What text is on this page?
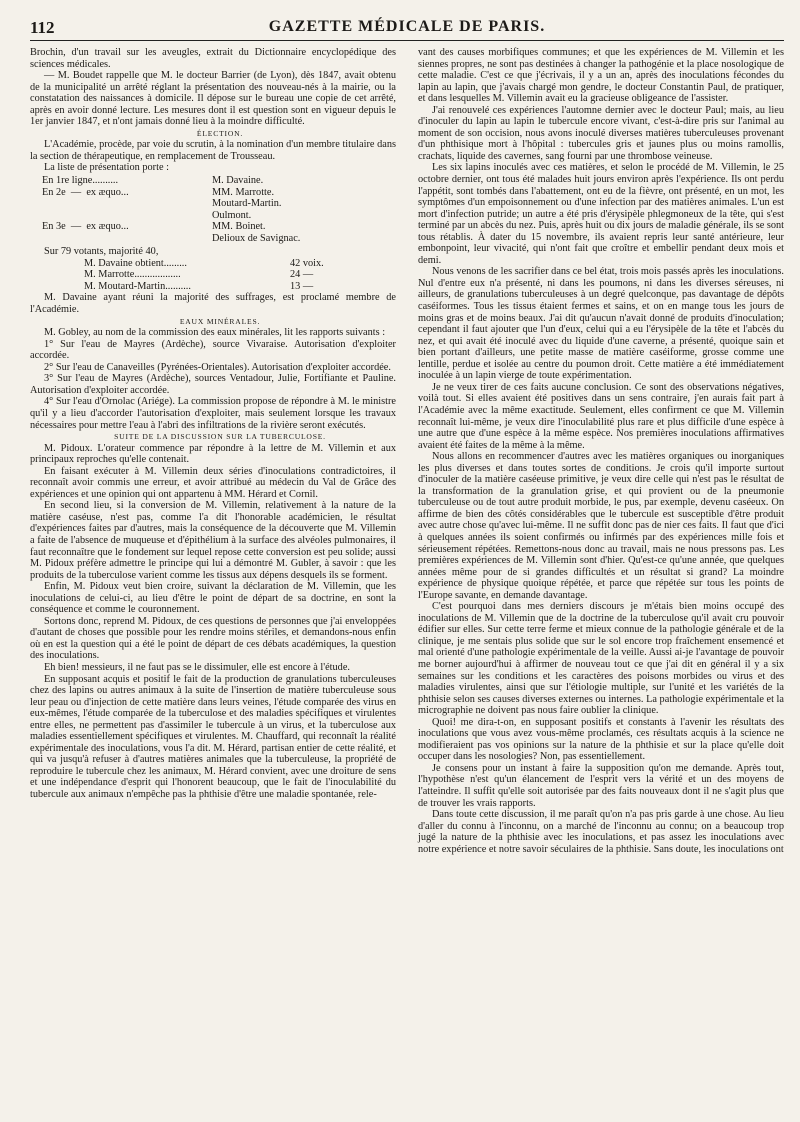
112	GAZETTE MÉDICALE DE PARIS.

Brochin, d'un travail sur les aveugles, extrait du Dictionnaire encyclopédique des sciences médicales.

— M. Boudet rappelle que M. le docteur Barrier (de Lyon), dès 1847, avait obtenu de la municipalité un arrêté réglant la présentation des nouveau-nés à la mairie, ou la constatation des naissances à domicile. Il dépose sur le bureau une copie de cet arrêté, après en avoir donné lecture. Les mesures dont il est question sont en vigueur depuis le 1er janvier 1847, et n'ont jamais donné lieu à la moindre difficulté.

ÉLECTION.

L'Académie, procède, par voie du scrutin, à la nomination d'un membre titulaire dans la section de thérapeutique, en remplacement de Trousseau.

La liste de présentation porte :

En 1re ligne..........	M. Davaine.
En 2e  —  ex æquo...	MM. Marrotte.
Moutard-Martin.
Oulmont.
En 3e  —  ex æquo...	MM. Boinet.
Delioux de Savignac.

Sur 79 votants, majorité 40,

M. Davaine obtient.........	42 voix.
M. Marrotte..................	24 —
M. Moutard-Martin..........	13 —

M. Davaine ayant réuni la majorité des suffrages, est proclamé membre de l'Académie.

EAUX MINÉRALES.

M. Gobley, au nom de la commission des eaux minérales, lit les rapports suivants :

1° Sur l'eau de Mayres (Ardèche), source Vivaraise. Autorisation d'exploiter accordée.

2° Sur l'eau de Canaveilles (Pyrénées-Orientales). Autorisation d'exploiter accordée.

3° Sur l'eau de Mayres (Ardèche), sources Ventadour, Julie, Fortifiante et Pauline. Autorisation d'exploiter accordée.

4° Sur l'eau d'Ornolac (Ariége). La commission propose de répondre à M. le ministre qu'il y a lieu d'accorder l'autorisation d'exploiter, mais seulement lorsque les travaux nécessaires pour mettre l'eau à l'abri des infiltrations de la rivière seront exécutés.

SUITE DE LA DISCUSSION SUR LA TUBERCULOSE.

M. Pidoux. L'orateur commence par répondre à la lettre de M. Villemin et aux principaux reproches qu'elle contenait.

En faisant exécuter à M. Villemin deux séries d'inoculations contradictoires, il reconnaît avoir commis une erreur, et avoir attribué au médecin du Val de Grâce des expériences et une opinion qui ont appartenu à MM. Hérard et Cornil.

En second lieu, si la conversion de M. Villemin, relativement à la nature de la matière caséuse, n'est pas, comme l'a dit l'honorable académicien, le résultat d'expériences faites par d'autres, mais la conséquence de la découverte que M. Villemin a faite de l'absence de muqueuse et d'épithélium à la surface des alvéoles pulmonaires, il faut reconnaître que le fondement sur lequel repose cette conversion est peu solide; aussi M. Pidoux préfère admettre le principe qui lui a démontré M. Gubler, à savoir : que les produits de la tuberculose varient comme les tissus aux dépens desquels ils se forment.

Enfin, M. Pidoux veut bien croire, suivant la déclaration de M. Villemin, que les inoculations de celui-ci, au lieu d'être le point de départ de sa doctrine, en sont la conséquence et comme le couronnement.

Sortons donc, reprend M. Pidoux, de ces questions de personnes que j'ai enveloppées d'autant de choses que possible pour les rendre moins stériles, et demandons-nous enfin où en est la question qui a été le point de départ de ces débats académiques, la question des inoculations.

Eh bien! messieurs, il ne faut pas se le dissimuler, elle est encore à l'étude.

En supposant acquis et positif le fait de la production de granulations tuberculeuses chez des lapins ou autres animaux à la suite de l'insertion de matière tuberculeuse sous leur peau ou d'injection de cette matière dans leurs veines, l'étude comparée des virus en eux-mêmes, l'étude comparée de la tuberculose et des maladies spécifiques et virulentes entre elles, ne permettent pas d'assimiler le tubercule à un virus, et la tuberculose aux maladies essentiellement spécifiques et virulentes. M. Chauffard, qui reconnaît la réalité expérimentale des inoculations, vous l'a dit. M. Hérard, partisan entier de cette réalité, et qui va jusqu'à refuser à d'autres matières animales que la tuberculeuse, la propriété de reproduire le tubercule chez les animaux, M. Hérard convient, avec une droiture de sens et une indépendance d'esprit qui l'honorent beaucoup, que le fait de l'inoculabilité du tubercule aux animaux n'empêche pas la phthisie d'être une maladie spontanée, rele-

vant des causes morbifiques communes; et que les expériences de M. Villemin et les siennes propres, ne sont pas destinées à changer la pathogénie et la place nosologique de cette maladie. C'est ce que j'écrivais, il y a un an, après des inoculations fécondes du lapin au lapin, que j'avais chargé mon gendre, le docteur Constantin Paul, de pratiquer, et dans lesquelles M. Villemin avait eu la gracieuse obligeance de l'assister.

J'ai renouvelé ces expériences l'automne dernier avec le docteur Paul; mais, au lieu d'inoculer du lapin au lapin le tubercule encore vivant, c'est-à-dire pris sur l'animal au moment de son occision, nous avons inoculé diverses matières tuberculeuses provenant d'un phthisique mort à l'hôpital : tubercules gris et jaunes plus ou moins ramollis, crachats, liquide des cavernes, sang fourni par une thrombose veineuse.

Les six lapins inoculés avec ces matières, et selon le procédé de M. Villemin, le 25 octobre dernier, ont tous été malades huit jours environ après l'expérience. Ils ont perdu l'appétit, sont tombés dans l'abattement, ont eu de la fièvre, ont présenté, en un mot, les symptômes d'un empoisonnement ou d'une infection par des matières animales. L'un est mort d'infection putride; un autre a été pris d'érysipèle phlegmoneux de la tête, qui s'est terminé par un abcès du nez. Puis, après huit ou dix jours de maladie générale, ils se sont tous rétablis. À dater du 15 novembre, ils avaient repris leur santé antérieure, leur embonpoint, leur vivacité, qui n'ont fait que croître et embellir pendant deux mois et demi.

Nous venons de les sacrifier dans ce bel état, trois mois passés après les inoculations. Nul d'entre eux n'a présenté, ni dans les poumons, ni dans les diverses séreuses, ni ailleurs, de granulations tuberculeuses à un degré quelconque, pas davantage de dépôts caséiformes. Tous les tissus étaient fermes et sains, et on en mange tous les jours de moins gras et de moins beaux. J'ai dit qu'aucun n'avait donné de produits d'inoculation; cependant il faut ajouter que l'un d'eux, celui qui a eu l'érysipèle de la tête et l'abcès du nez, et qui avait été inoculé avec du liquide d'une caverne, a présenté, quoique sain et bien portant d'ailleurs, une petite masse de matière caséiforme, grosse comme une lentille, perdue et isolée au centre du poumon droit. Cette matière a été immédiatement inoculée à un lapin vierge de toute expérimentation.

Je ne veux tirer de ces faits aucune conclusion. Ce sont des observations négatives, voilà tout. Si elles avaient été positives dans un sens contraire, j'en aurais fait part à l'Académie avec la même exactitude. Seulement, elles confirment ce que M. Villemin reconnaît lui-même, je veux dire l'inoculabilité plus rare et plus difficile d'une espèce à une autre que d'une espèce à la même espèce. Nos premières inoculations affirmatives avaient été faites de la même à la même.

Nous allons en recommencer d'autres avec les matières organiques ou inorganiques les plus diverses et dans toutes sortes de conditions. Je crois qu'il importe surtout d'inoculer de la matière caséeuse primitive, je veux dire celle qui n'est pas le résultat de la transformation de la granulation grise, et qui provient ou de la pneumonie tuberculeuse ou de tout autre produit morbide, le pus, par exemple, devenu caséeux. On affirme de bien des côtés considérables que le tubercule est susceptible d'être produit avec autre chose qu'avec lui-même. Il ne suffit donc pas de nier ces faits. Il faut que d'ici à quelques années ils soient confirmés ou infirmés par des expériences mille fois et sérieusement répétées. Remettons-nous donc au travail, mais ne nous pressons pas. Les premières expériences de M. Villemin sont d'hier. Qu'est-ce qu'une année, que quelques années même pour de si grandes difficultés et un résultat si grand? La moindre expérience de physique quoique répétée, et parce que répétée sur tous les points de l'Europe savante, en demande davantage.

C'est pourquoi dans mes derniers discours je m'étais bien moins occupé des inoculations de M. Villemin que de la doctrine de la tuberculose qu'il avait cru pouvoir édifier sur elles. Sur cette terre ferme et mieux connue de la pathologie générale et de la clinique, je me sentais plus solide que sur le sol encore trop fraîchement ensemencé et mal orienté d'une pathologie expérimentale de la veille. Aussi ai-je l'avantage de pouvoir me borner aujourd'hui à affirmer de nouveau tout ce que j'ai dit en général il y a six semaines sur les conditions et les caractères des poisons morbides ou virus et des maladies virulentes, ainsi que sur l'étiologie multiple, sur l'unité et les variétés de la phthisie selon ses causes diverses externes ou internes. La pathologie expérimentale et la micrographie ne doivent pas nous faire oublier la clinique.

Quoi! me dira-t-on, en supposant positifs et constants à l'avenir les résultats des inoculations que vous avez vous-même proclamés, ces résultats acquis à la science ne modifieraient pas vos opinions sur la nature de la phthisie et sur la place qu'elle doit occuper dans les nosologies? Non, pas essentiellement.

Je consens pour un instant à faire la supposition qu'on me demande. Après tout, l'hypothèse n'est qu'un élancement de l'esprit vers la vérité et un des moyens de l'atteindre. Il suffit qu'elle soit autorisée par des faits nouveaux dont il ne s'agit plus que de trouver les vrais rapports.

Dans toute cette discussion, il me paraît qu'on n'a pas pris garde à une chose. Au lieu d'aller du connu à l'inconnu, on a marché de l'inconnu au connu; on a beaucoup trop jugé la nature de la phthisie avec les inoculations, et pas assez les inoculations avec notre expérience et notre savoir séculaires de la phthisie. Sans doute, les inoculations ont
